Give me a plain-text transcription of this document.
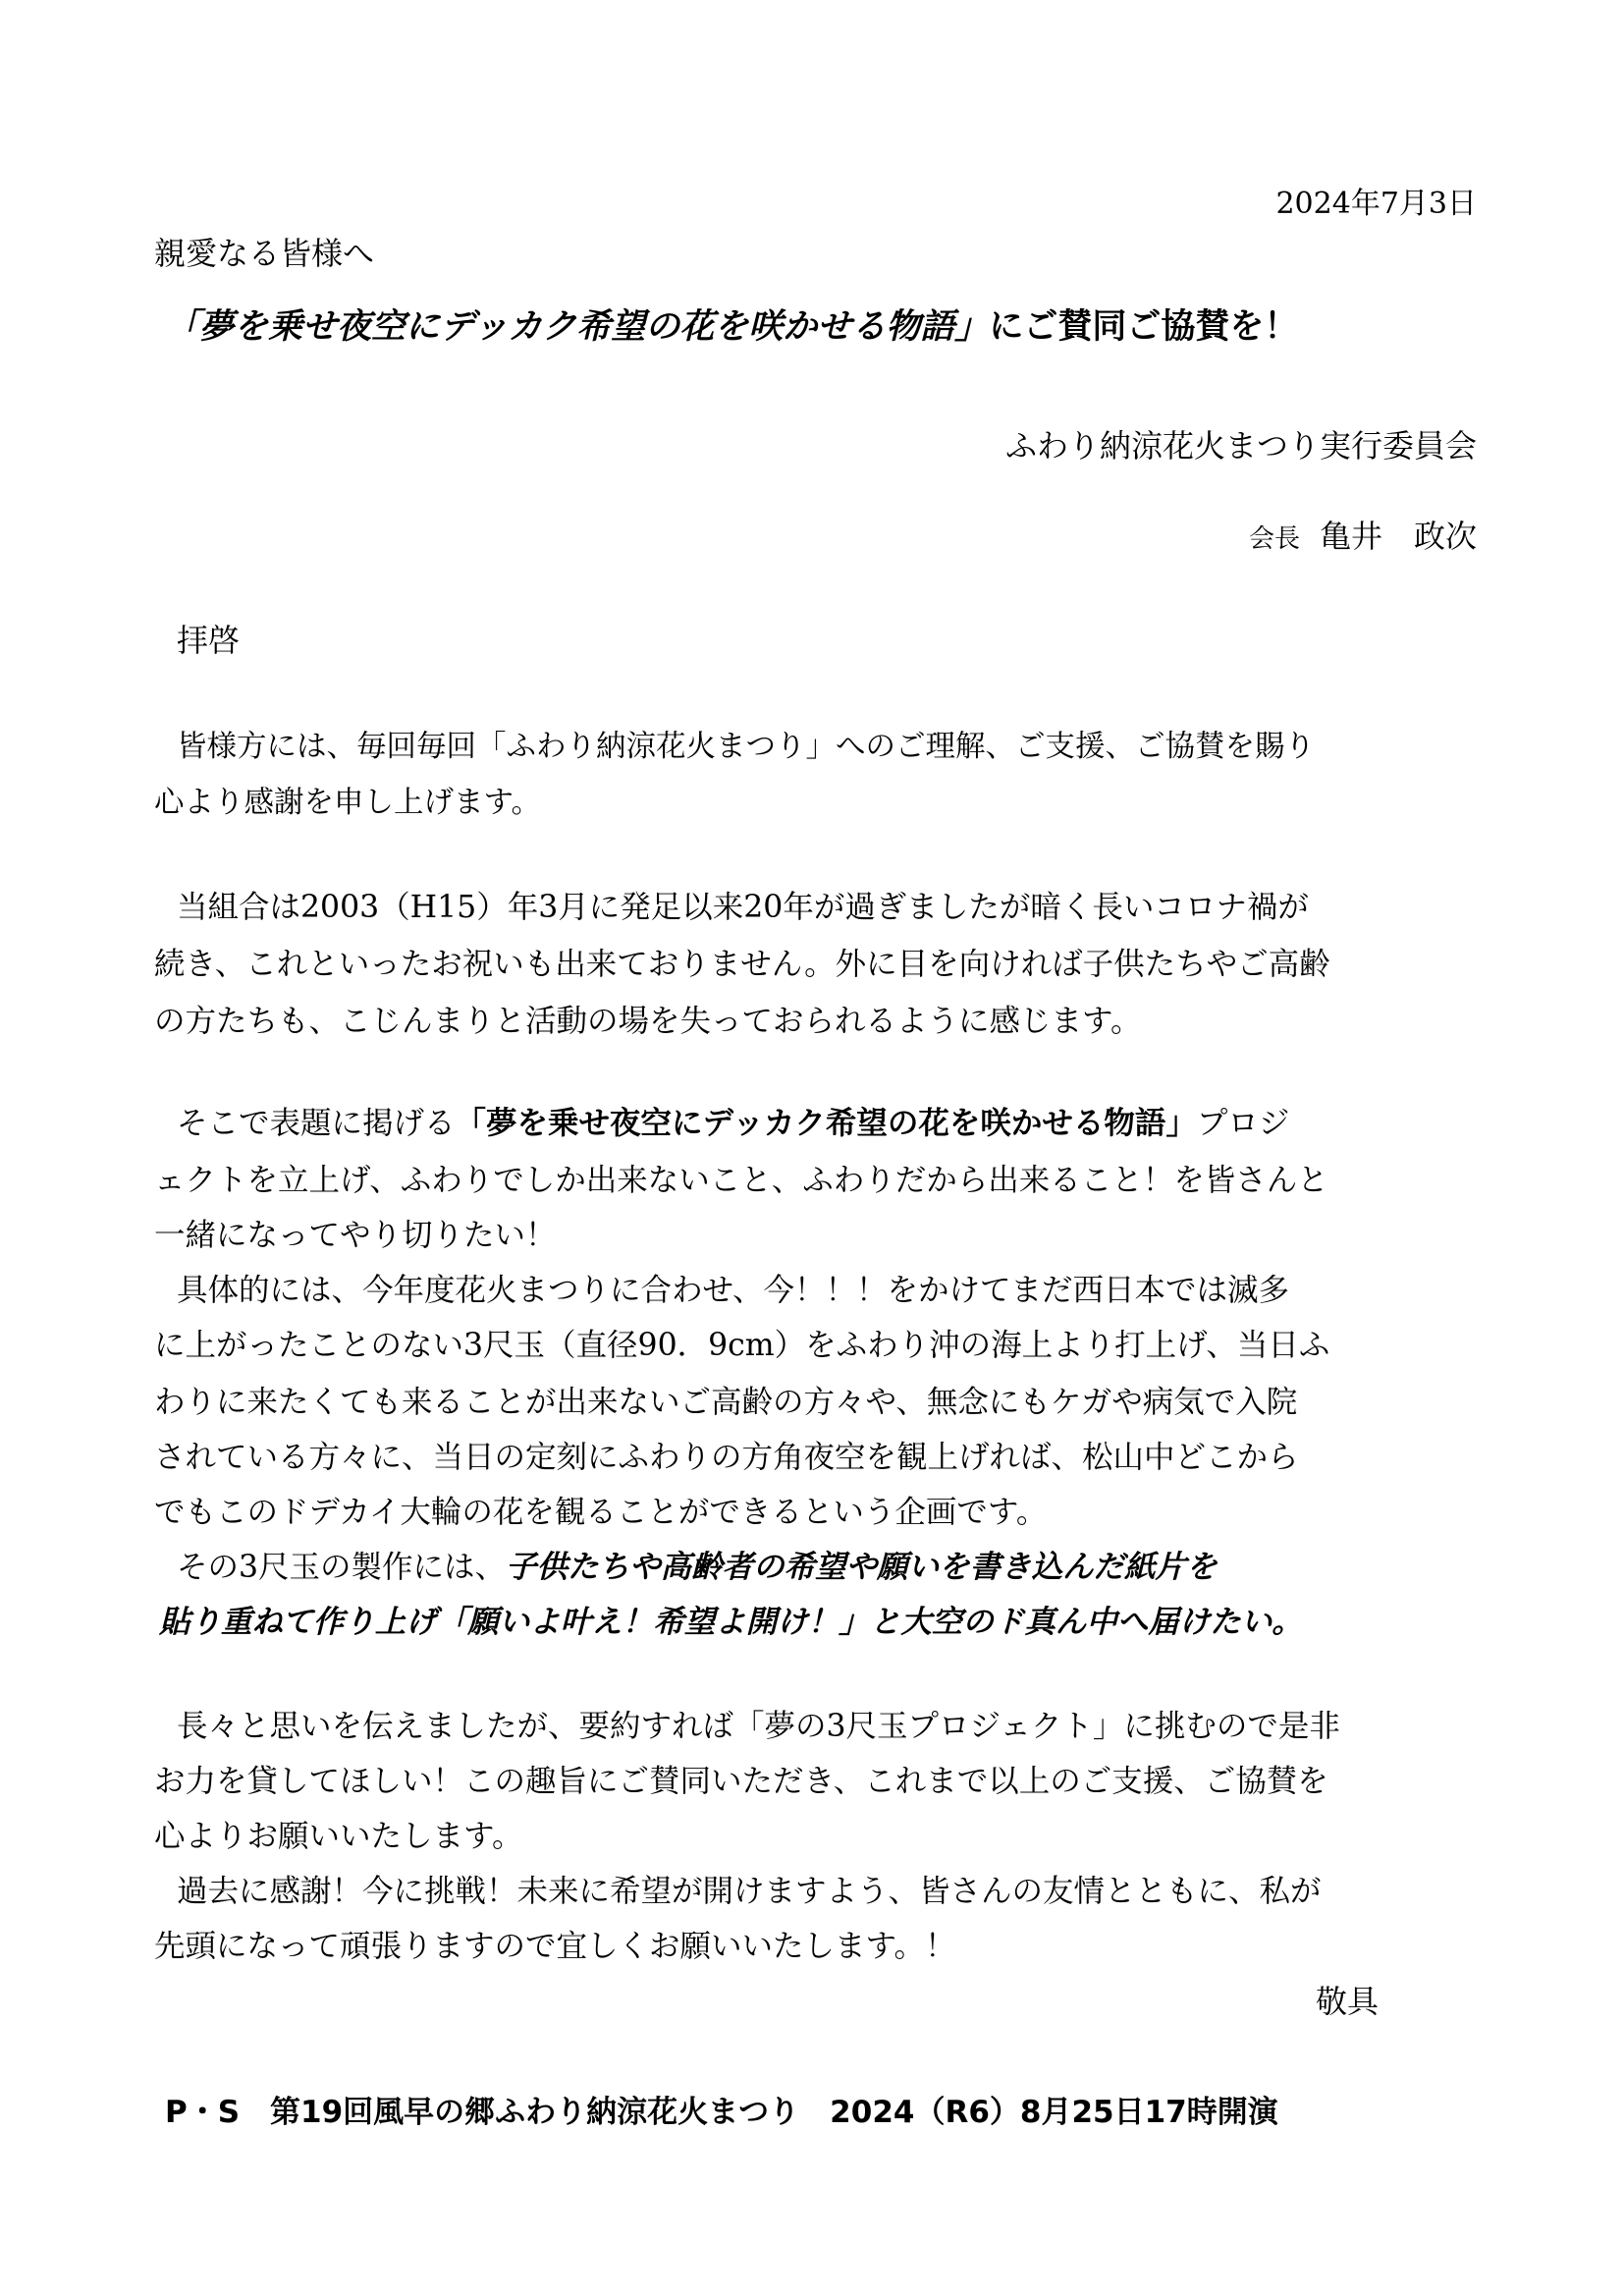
2024年7月3日
親愛なる皆様へ
「夢を乗せ夜空にデッカク希望の花を咲かせる物語」にご賛同ご協賛を！
ふわり納涼花火まつり実行委員会
会長 亀井　政次
拝啓
皆様方には、毎回毎回「ふわり納涼花火まつり」へのご理解、ご支援、ご協賛を賜り
心より感謝を申し上げます。
当組合は2003（H15）年3月に発足以来20年が過ぎましたが暗く長いコロナ禍が
続き、これといったお祝いも出来ておりません。外に目を向ければ子供たちやご高齢
の方たちも、こじんまりと活動の場を失っておられるように感じます。
そこで表題に掲げる「夢を乗せ夜空にデッカク希望の花を咲かせる物語」プロジ
ェクトを立上げ、ふわりでしか出来ないこと、ふわりだから出来ること！を皆さんと
一緒になってやり切りたい！
具体的には、今年度花火まつりに合わせ、今！！！をかけてまだ西日本では滅多
に上がったことのない3尺玉（直径90．9cm）をふわり沖の海上より打上げ、当日ふ
わりに来たくても来ることが出来ないご高齢の方々や、無念にもケガや病気で入院
されている方々に、当日の定刻にふわりの方角夜空を観上げれば、松山中どこから
でもこのドデカイ大輪の花を観ることができるという企画です。
その3尺玉の製作には、子供たちや高齢者の希望や願いを書き込んだ紙片を
貼り重ねて作り上げ「願いよ叶え！希望よ開け！」と大空のド真ん中へ届けたい。
長々と思いを伝えましたが、要約すれば「夢の3尺玉プロジェクト」に挑むので是非
お力を貸してほしい！この趣旨にご賛同いただき、これまで以上のご支援、ご協賛を
心よりお願いいたします。
過去に感謝！今に挑戦！未来に希望が開けますよう、皆さんの友情とともに、私が
先頭になって頑張りますので宜しくお願いいたします。！
敬具
P・S　第19回風早の郷ふわり納涼花火まつり　2024（R6）8月25日17時開演
